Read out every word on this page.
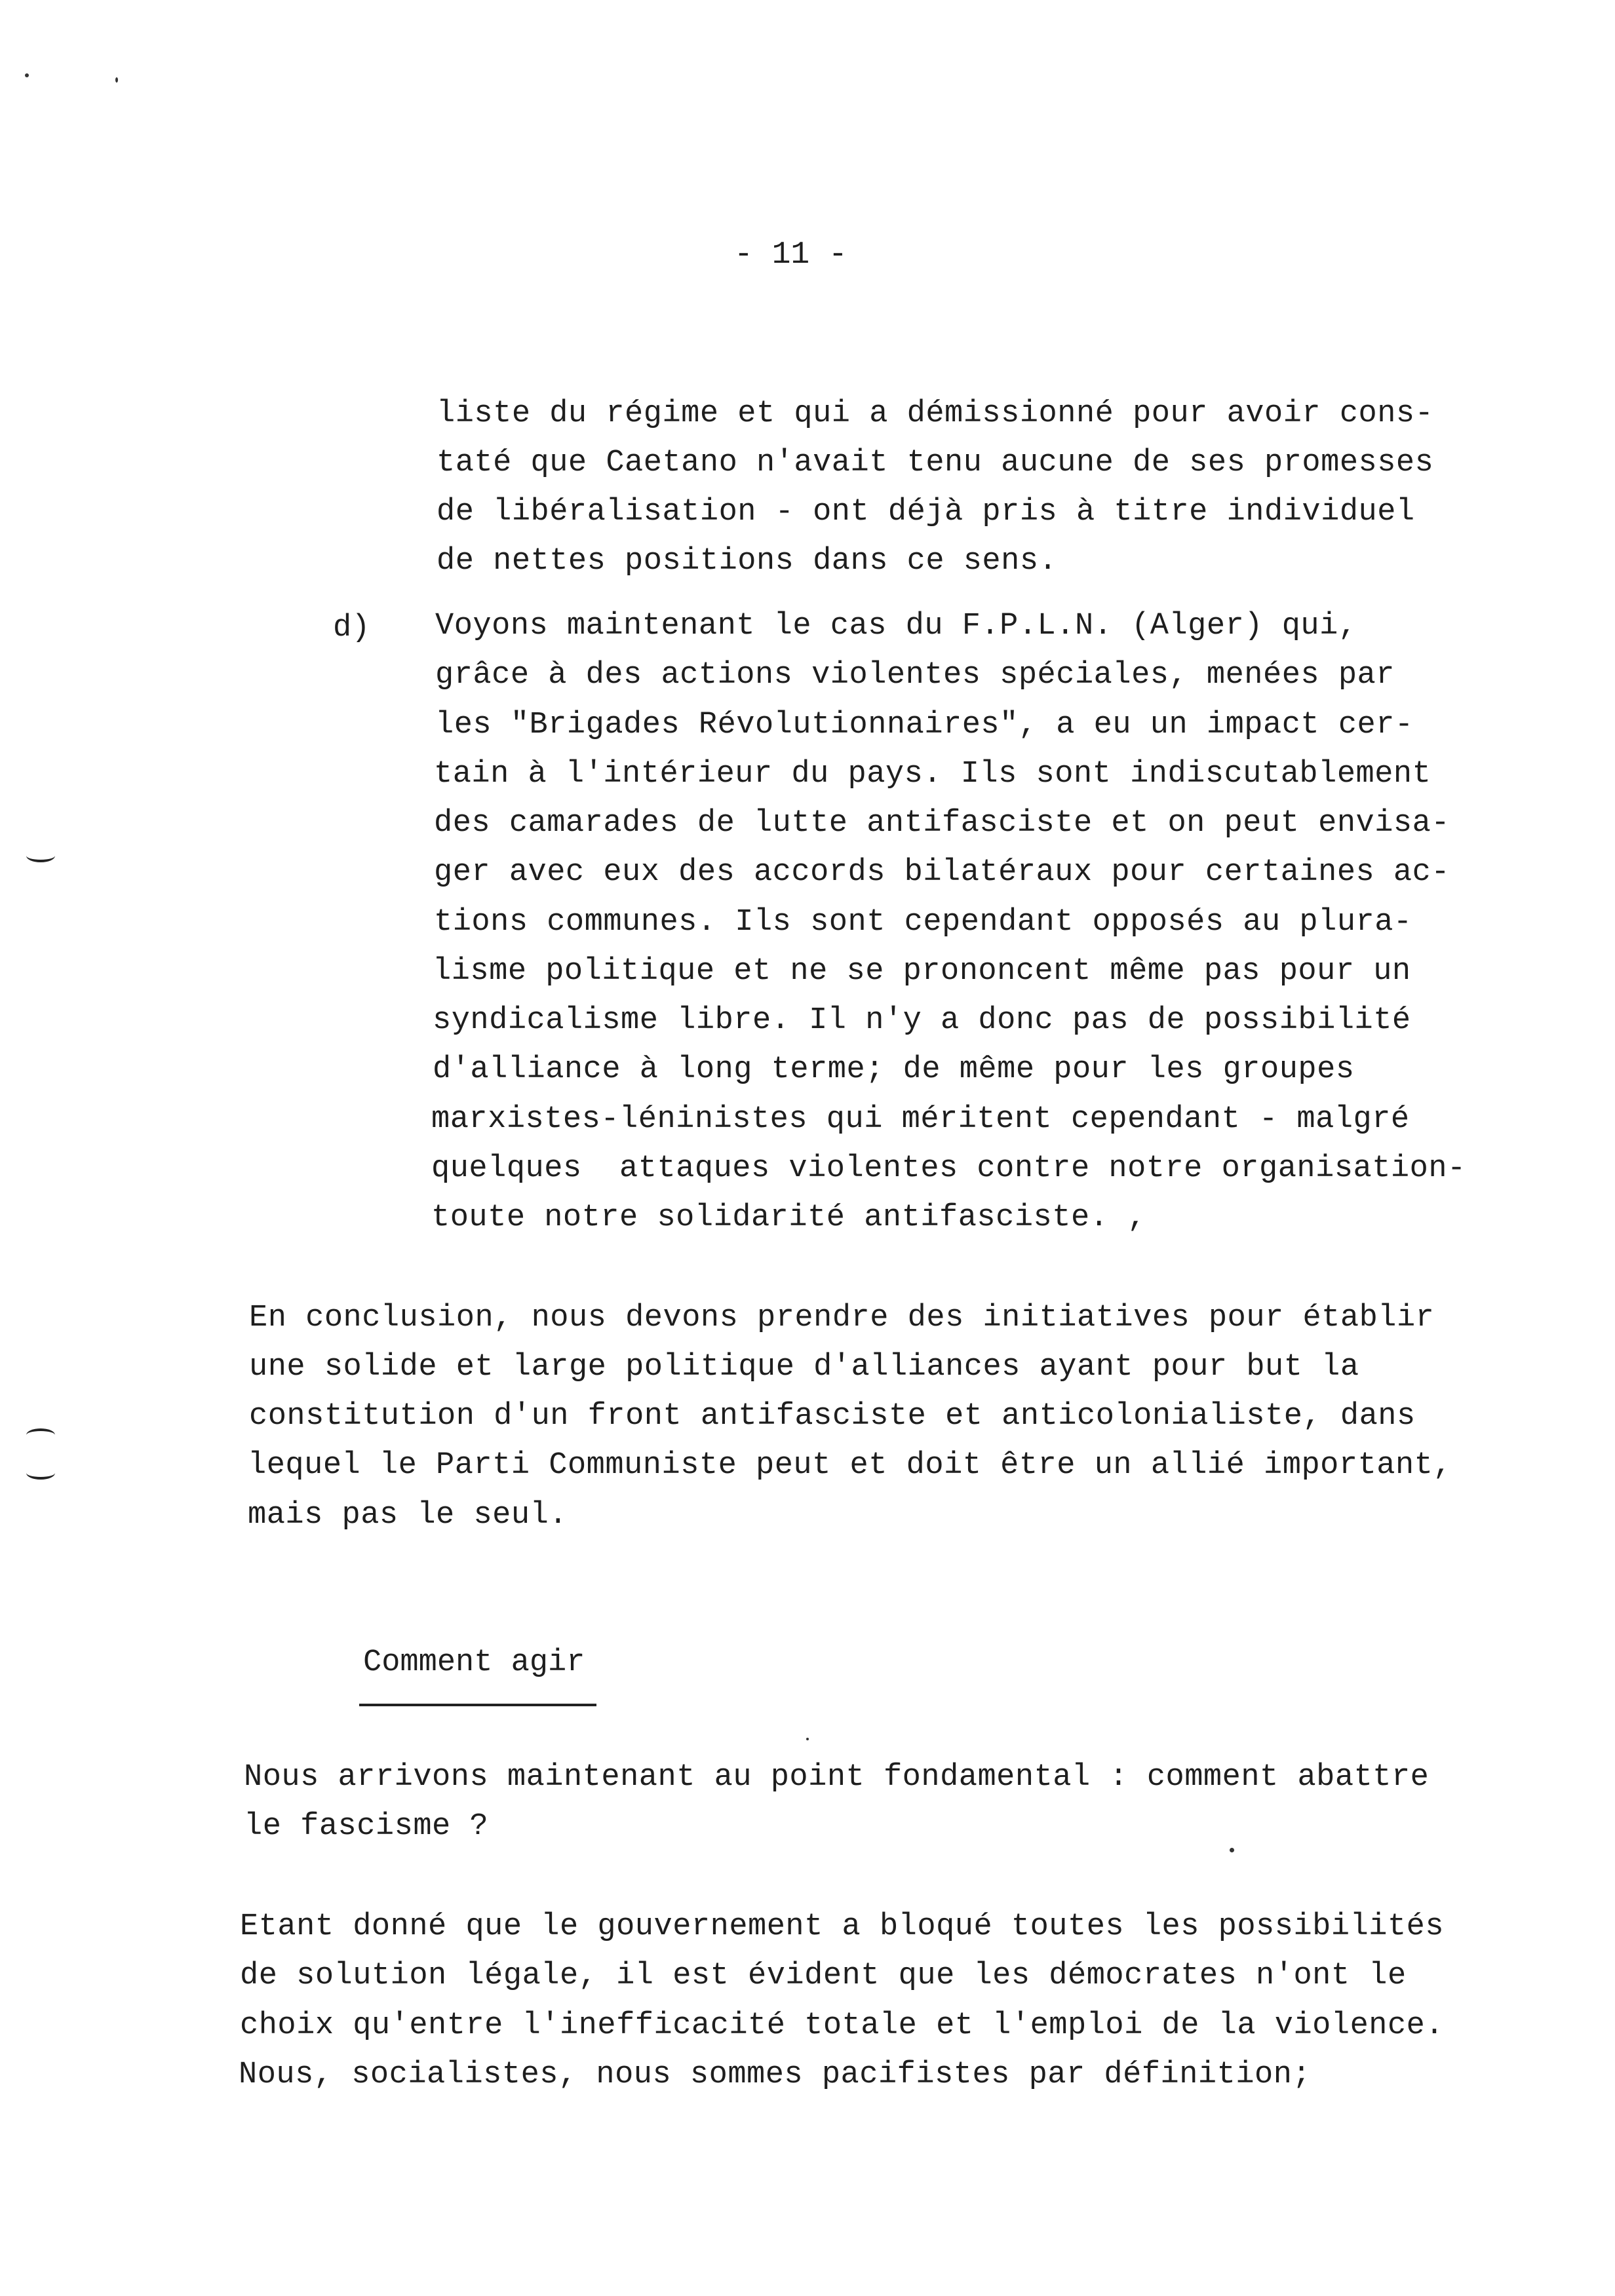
- 11 -
liste du régime et qui a démissionné pour avoir cons-
taté que Caetano n'avait tenu aucune de ses promesses
de libéralisation - ont déjà pris à titre individuel
de nettes positions dans ce sens.
d) Voyons maintenant le cas du F.P.L.N. (Alger) qui,
grâce à des actions violentes spéciales, menées par
les "Brigades Révolutionnaires", a eu un impact cer-
tain à l'intérieur du pays. Ils sont indiscutablement
des camarades de lutte antifasciste et on peut envisa-
ger avec eux des accords bilatéraux pour certaines ac-
tions communes. Ils sont cependant opposés au plura-
lisme politique et ne se prononcent même pas pour un
syndicalisme libre. Il n'y a donc pas de possibilité
d'alliance à long terme; de même pour les groupes
marxistes-léninistes qui méritent cependant - malgré
quelques  attaques violentes contre notre organisation-
toute notre solidarité antifasciste. ,
En conclusion, nous devons prendre des initiatives pour établir
une solide et large politique d'alliances ayant pour but la
constitution d'un front antifasciste et anticolonialiste, dans
lequel le Parti Communiste peut et doit être un allié important,
mais pas le seul.
Comment agir
Nous arrivons maintenant au point fondamental : comment abattre
le fascisme ?
Etant donné que le gouvernement a bloqué toutes les possibilités
de solution légale, il est évident que les démocrates n'ont le
choix qu'entre l'inefficacité totale et l'emploi de la violence.
Nous, socialistes, nous sommes pacifistes par définition;
